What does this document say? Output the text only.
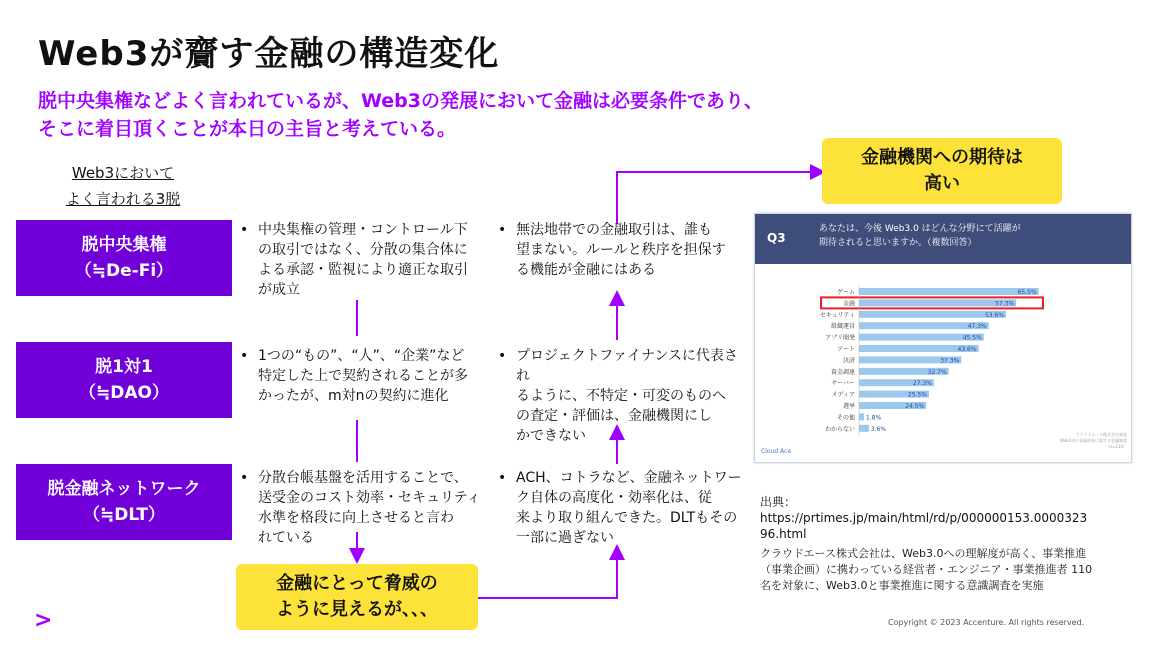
Web3が齎す金融の構造変化
脱中央集権などよく言われているが、Web3の発展において金融は必要条件であり、
そこに着目頂くことが本日の主旨と考えている。
Web3において
よく言われる3脱
脱中央集権
（≒De-Fi）
脱1対1
（≒DAO）
脱金融ネットワーク
（≒DLT）
• 中央集権の管理・コントロール下
の取引ではなく、分散の集合体に
よる承認・監視により適正な取引
が成立
• 1つの“もの”、“人”、“企業”など
特定した上で契約されることが多
かったが、m対nの契約に進化
• 分散台帳基盤を活用することで、
送受金のコスト効率・セキュリティ
水準を格段に向上させると言わ
れている
• 無法地帯での金融取引は、誰も
望まない。ルールと秩序を担保す
る機能が金融にはある
• プロジェクトファイナンスに代表され
るように、不特定・可変のものへ
の査定・評価は、金融機関にし
かできない
• ACH、コトラなど、金融ネットワー
ク自体の高度化・効率化は、従
来より取り組んできた。DLTもその
一部に過ぎない
金融にとって脅威の
ように見えるが、、、
金融機関への期待は
高い
Q3
あなたは、今後 Web3.0 はどんな分野にて活躍が
期待されると思いますか。（複数回答）
ゲーム	65.5%
金融	57.3%
セキュリティ	53.6%
組織運営	47.3%
アプリ開発	45.5%
アート	43.6%
決済	37.3%
資金調達	32.7%
サーバー	27.3%
メディア	25.5%
選挙	24.5%
その他 1.8%
わからない	3.6%
Cloud Ace
クラウドエース株式会社調査
Web3.0と事業推進に関する意識調査
（n=110）
出典：
https://prtimes.jp/main/html/rd/p/000000153.0000323
96.html
クラウドエース株式会社は、Web3.0への理解度が高く、事業推進
（事業企画）に携わっている経営者・エンジニア・事業推進者 110
名を対象に、Web3.0と事業推進に関する意識調査を実施
Copyright © 2023 Accenture. All rights reserved.
>
